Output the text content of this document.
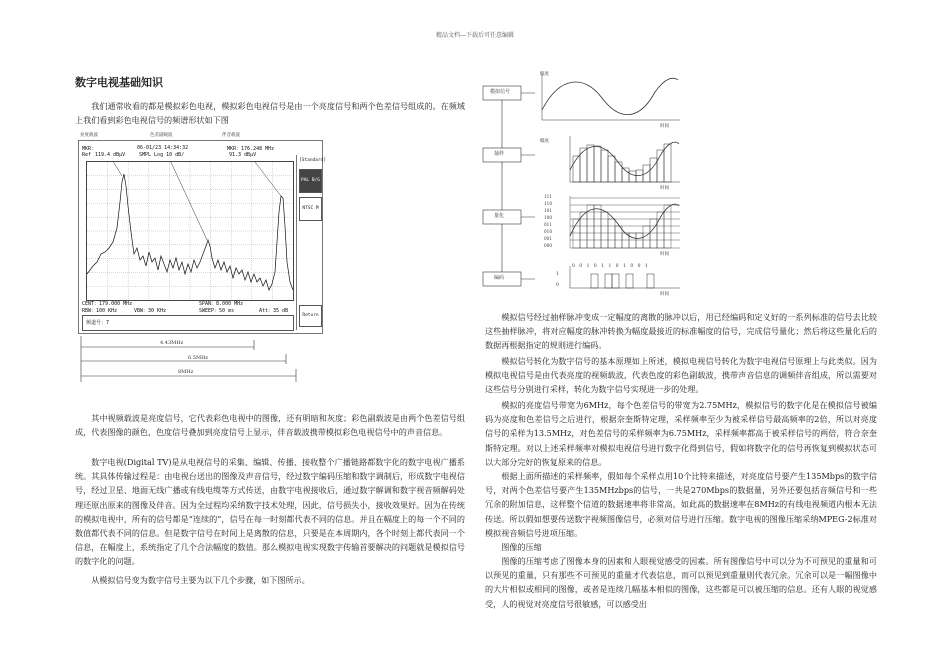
精品文档---下载后可任意编辑
数字电视基础知识
我们通常收看的都是模拟彩色电视，模拟彩色电视信号是由一个亮度信号和两个色差信号组成的。在频域上我们看到彩色电视信号的频谱形状如下图
亮度载波	色差副载波	伴音载波
MKR：	06-01/23 14:34:32	MKR：176.248 MHz
Ref 119.4 dBμV	SMPL Log 10 dB/	91.3 dBμV
CENT：179.000 MHz	SPAN：8.000 MHz
RBW：100 KHz	VBW：30 KHz	SWEEP：50 ms	Att：35 dB
频道号：7
[Standard]
PAL B/G
NTSC M
Return
4.43MHz
6.5MHz
8MHz
其中视频载波是亮度信号，它代表彩色电视中的图像，还有明暗和灰度；彩色副载波是由两个色差信号组成，代表图像的颜色，色度信号叠加到亮度信号上显示，伴音载波携带模拟彩色电视信号中的声音信息。
数字电视(Digital TV)是从电视信号的采集、编辑、传播、接收整个广播链路都数字化的数字电视广播系统。其具体传输过程是：由电视台送出的图像及声音信号，经过数字编码压缩和数字调制后，形成数字电视信号，经过卫星、地面无线广播或有线电缆等方式传送，由数字电视接收后，通过数字解调和数字视音频解码处理还原出原来的图像及伴音。因为全过程均采纳数字技术处理，因此，信号损失小，接收效果好。因为在传统的模拟电视中，所有的信号都是“连续的”，信号在每一时刻都代表不同的信息。并且在幅度上的每一个不同的数值都代表不同的信息。但是数字信号在时间上是离散的信息，只要是在本周期内，各个时刻上都代表同一个信息，在幅度上，系统指定了几个合法幅度的数值。那么模拟电视实现数字传输首要解决的问题就是模拟信号的数字化的问题。
从模拟信号变为数字信号主要为以下几个步骤，如下图所示。
模拟信号
抽样
量化
编码
幅度
时间
幅度
时间
时间
时间
111
110
101
100
011
010
001
000
0 0 1 0 1 1 0 1 0 0 1
1
0
模拟信号经过抽样脉冲变成一定幅度的离散的脉冲以后，用已经编码和定义好的一系列标准的信号去比较这些抽样脉冲，将对应幅度的脉冲转换为幅度最接近的标准幅度的信号，完成信号量化；然后将这些量化后的数据再根据指定的规则进行编码。
模拟信号转化为数字信号的基本原理如上所述，模拟电视信号转化为数字电视信号原理上与此类似。因为模拟电视信号是由代表亮度的视频载波，代表色度的彩色副载波，携带声音信息的调频伴音组成，所以需要对这些信号分别进行采样，转化为数字信号实现进一步的处理。
模拟的亮度信号带宽为6MHz，每个色差信号的带宽为2.75MHz，模拟信号的数字化是在模拟信号被编码为亮度和色差信号之后进行，根据奈奎斯特定理，采样频率至少为被采样信号最高频率的2倍，所以对亮度信号的采样为13.5MHz，对色差信号的采样频率为6.75MHz，采样频率都高于被采样信号的两倍，符合奈奎斯特定理。对以上述采样频率对模拟电视信号进行数字化得到信号，假如将数字化的信号再恢复到模拟状态可以大部分完好的恢复原来的信息。
根据上面所描述的采样频率，假如每个采样点用10个比特来描述，对亮度信号要产生135Mbps的数字信号，对两个色差信号要产生135MHzbps的信号，一共是270Mbps的数据量，另外还要包括音频信号和一些冗余的附加信息，这样整个信道的数据速率将非常高，如此高的数据速率在8MHz的有线电视频道内根本无法传送。所以假如想要传送数字视频图像信号，必须对信号进行压缩。数字电视的图像压缩采纳MPEG-2标准对模拟视音频信号进项压缩。
图像的压缩
图像的压缩考虑了图像本身的因素和人眼视觉感受的因素。所有图像信号中可以分为不可预见的重量和可以预见的重量，只有那些不可预见的重量才代表信息，而可以预见到重量则代表冗余。冗余可以是一幅图像中的大片相似或相同的图像，或者是连续几幅基本相似的图像，这些都是可以被压缩的信息。还有人眼的视觉感受，人的视觉对亮度信号很敏感，可以感受出
